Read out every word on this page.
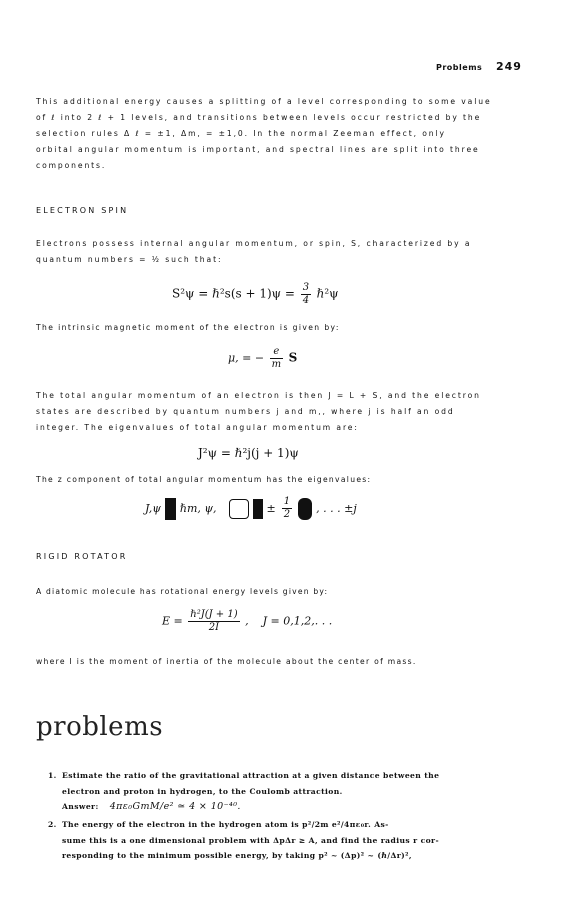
Problems 249
This additional energy causes a splitting of a level corresponding to some value
of ℓ into 2 ℓ + 1 levels, and transitions between levels occur restricted by the
selection rules Δ ℓ = ±1, Δm, = ±1,0. In the normal Zeeman effect, only
orbital angular momentum is important, and spectral lines are split into three
components.
ELECTRON SPIN
Electrons possess internal angular momentum, or spin, S, characterized by a
quantum numbers = ½ such that:
S²ψ = ℏ²s(s + $1)\psi = \frac{3}{4}$ ℏ²ψ
The intrinsic magnetic moment of the electron is given by:
μ, = − $\frac{e}{m}$ S
The total angular momentum of an electron is then J = L + S, and the electron
states are described by quantum numbers j and m,, where j is half an odd
integer. The eigenvalues of total angular momentum are:
J²ψ = ℏ²j(j + 1)ψ
The z component of total angular momentum has the eigenvalues:
J,ψ ℏm, ψ,	± $\frac{1}{2}$ , . . . ±j
RIGID ROTATOR
A diatomic molecule has rotational energy levels given by:
$E = \frac{\text{ℏ²J(J + 1)}}{2I}$ ,    J = 0,1,2,. . .
where I is the moment of inertia of the molecule about the center of mass.
problems
1. Estimate the ratio of the gravitational attraction at a given distance between the
electron and proton in hydrogen, to the Coulomb attraction.
Answer: 4πε₀GmM/e² ≃ 4 × 10⁻⁴⁰.
2. The energy of the electron in the hydrogen atom is p²/2m e²/4πε₀r. As-
sume this is a one dimensional problem with ΔpΔr ≥ A, and find the radius r cor-
responding to the minimum possible energy, by taking p² ~ (Δp)² ~ (ℏ/Δr)²,
